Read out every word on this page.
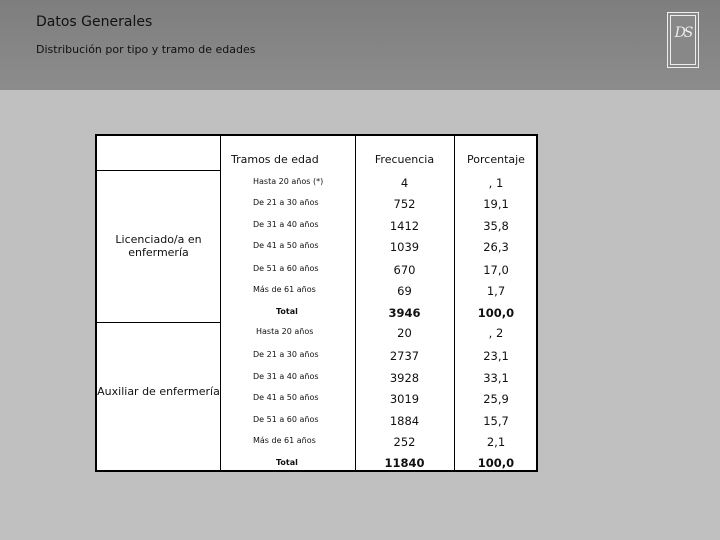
Datos Generales
Distribución por tipo y tramo de edades
DS
Tramos de edad	Frecuencia	Porcentaje
Licenciado/a en enfermería
Hasta 20 años (*)	4	, 1
De 21 a 30 años	752	19,1
De 31 a 40 años	1412	35,8
De 41 a 50 años	1039	26,3
De 51 a 60 años	670	17,0
Más de 61 años	69	1,7
Total	3946	100,0
Auxiliar de enfermería
Hasta 20 años	20	, 2
De 21 a 30 años	2737	23,1
De 31 a 40 años	3928	33,1
De 41 a 50 años	3019	25,9
De 51 a 60 años	1884	15,7
Más de 61 años	252	2,1
Total	11840	100,0
